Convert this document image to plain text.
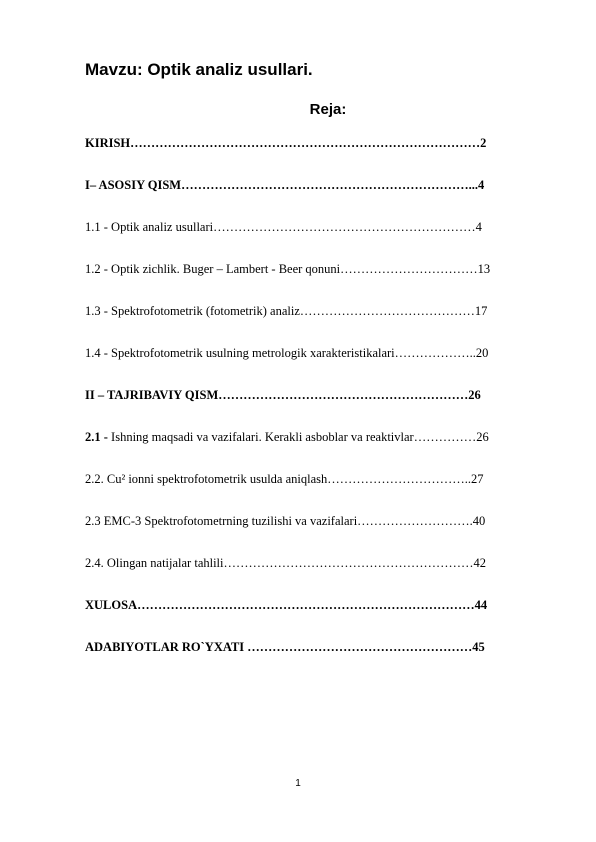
Mavzu: Optik analiz usullari.
Reja:
KIRISH…………………………………………………………………………2
I– ASOSIY QISM……………………………………………………………...4
1.1 - Optik analiz usullari………………………………………………………4
1.2 - Optik zichlik. Buger – Lambert - Beer qonuni……………………………13
1.3 - Spektrofotometrik (fotometrik) analiz……………………………………17
1.4 - Spektrofotometrik usulning metrologik xarakteristikalari………………..20
II – TAJRIBAVIY QISM……………………………………………………26
2.1 - Ishning maqsadi va vazifalari. Kerakli asboblar va reaktivlar……………26
2.2. Cu² ionni spektrofotometrik usulda aniqlash……………………………..27
2.3 EMC-3 Spektrofotometrning tuzilishi va vazifalari……………………….40
2.4. Olingan natijalar tahlili……………………………………………………42
XULOSA………………………………………………………………………44
ADABIYOTLAR RO`YXATI ………………………………………………45
1
